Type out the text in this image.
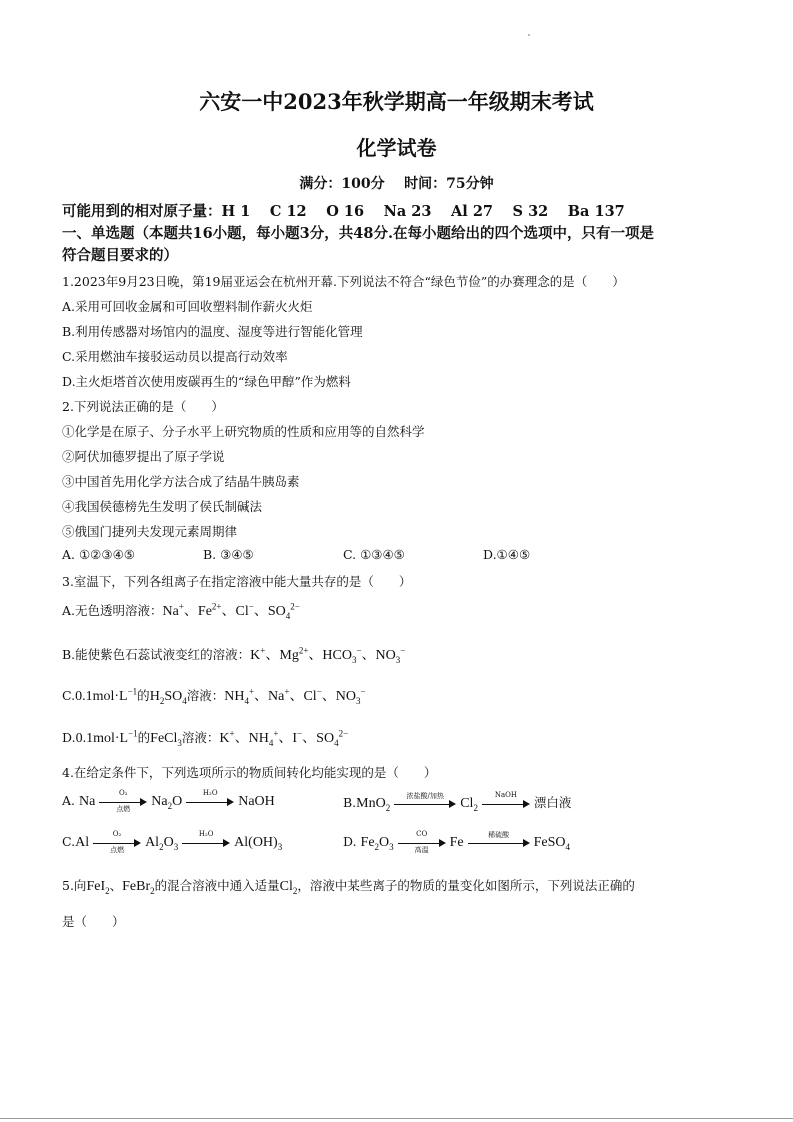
六安一中2023年秋学期高一年级期末考试
化学试卷
满分：100分 时间：75分钟
可能用到的相对原子量：H 1 　C 12 　O 16 　Na 23 　Al 27 　S 32 　Ba 137
一、单选题（本题共16小题，每小题3分，共48分.在每小题给出的四个选项中，只有一项是
符合题目要求的）
1.2023年9月23日晚，第19届亚运会在杭州开幕.下列说法不符合“绿色节俭”的办赛理念的是（　　）
A.采用可回收金属和可回收塑料制作薪火火炬
B.利用传感器对场馆内的温度、湿度等进行智能化管理
C.采用燃油车接驳运动员以提高行动效率
D.主火炬塔首次使用废碳再生的“绿色甲醇”作为燃料
2.下列说法正确的是（　　）
①化学是在原子、分子水平上研究物质的性质和应用等的自然科学
②阿伏加德罗提出了原子学说
③中国首先用化学方法合成了结晶牛胰岛素
④我国侯德榜先生发明了侯氏制碱法
⑤俄国门捷列夫发现元素周期律
A. ①②③④⑤	B. ③④⑤	C. ①③④⑤	D.①④⑤
3.室温下，下列各组离子在指定溶液中能大量共存的是（　　）
A.无色透明溶液：Na+、$Fe^{2+}$、Cl−、$SO_4^{2-}$
B.能使紫色石蕊试液变红的溶液：K+、$Mg^{2+}$、$HCO_3^-$、$NO_3^-$
$C.0.1mol\cdot L^{-1}$的$H_2SO_4$溶液：$NH_4^+$、Na+、Cl−、$NO_3^-$
$D.0.1mol\cdot L^{-1}$的FeCl$_3$溶液：K+、$NH_4^+$、I−、$SO_4^{2-}$
4.在给定条件下，下列选项所示的物质间转化均能实现的是（　　）
A. Na
O₂
点燃	$Na_2O$
H₂O
NaOH	B.MnO$_2$
浓盐酸/加热
$Cl_2$
NaOH
漂白液
C.Al
O₂
点燃	$Al_2O_3$
H₂O
$Al(OH)_3$	D. $Fe_2O_3$
CO
高温	Fe
稀硫酸
FeSO$_4$
5.向FeI$_2$、FeBr$_2$的混合溶液中通入适量$Cl_2$，溶液中某些离子的物质的量变化如图所示，下列说法正确的
是（　　）
